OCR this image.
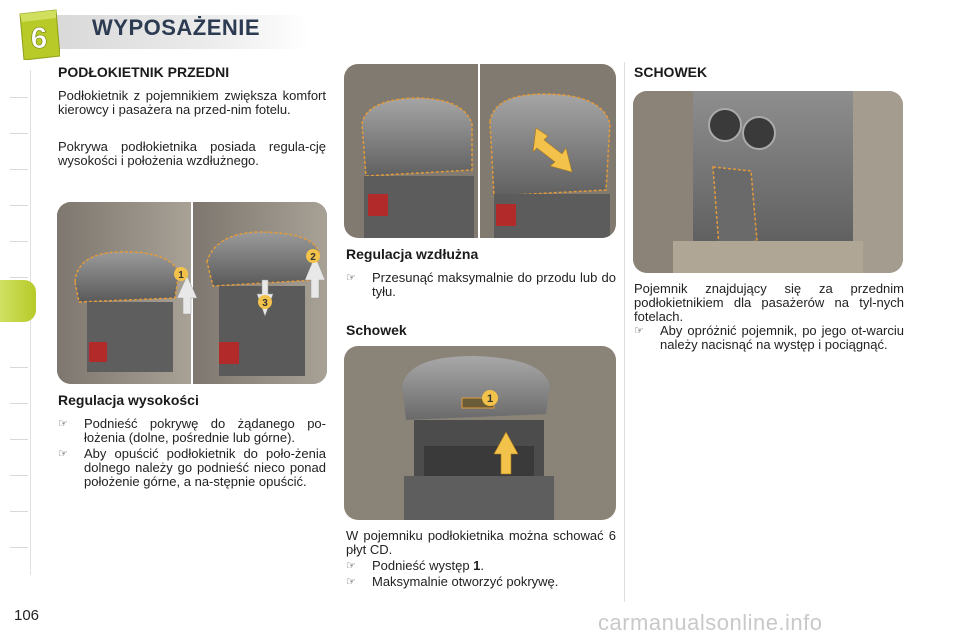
6 WYPOSAŻENIE
PODŁOKIETNIK PRZEDNI

Podłokietnik z pojemnikiem zwiększa komfort kierowcy i pasażera na przed-nim fotelu.

Pokrywa podłokietnika posiada regula-cję wysokości i położenia wzdłużnego.

1
2
3
Regulacja wysokości
☞	Podnieść pokrywę do żądanego po-łożenia (dolne, pośrednie lub górne).
☞	Aby opuścić podłokietnik do poło-żenia dolnego należy go podnieść nieco ponad położenie górne, a na-stępnie opuścić.
Regulacja wzdłużna
☞	Przesunąć maksymalnie do przodu lub do tyłu.
Schowek
1

W pojemniku podłokietnika można schować 6 płyt CD.

☞	Podnieść występ 1.
☞	Maksymalnie otworzyć pokrywę.
SCHOWEK

Pojemnik znajdujący się za przednim podłokietnikiem dla pasażerów na tyl-nych fotelach.

☞	Aby opróżnić pojemnik, po jego ot-warciu należy nacisnąć na występ i pociągnąć.
106	carmanualsonline.info
